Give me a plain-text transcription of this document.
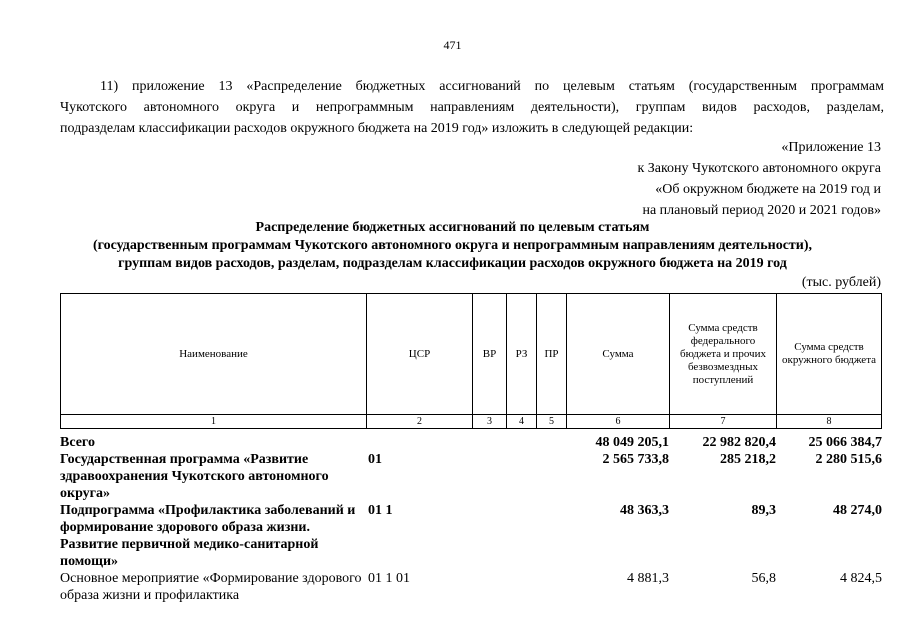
471
11) приложение 13 «Распределение бюджетных ассигнований по целевым статьям (государственным программам
Чукотского автономного округа и непрограммным направлениям деятельности), группам видов расходов, разделам,
подразделам классификации расходов окружного бюджета на 2019 год» изложить в следующей редакции:
«Приложение 13
к Закону Чукотского автономного округа
«Об окружном бюджете на 2019 год и
на плановый период 2020 и 2021 годов»
Распределение бюджетных ассигнований по целевым статьям
(государственным программам Чукотского автономного округа и непрограммным направлениям деятельности),
группам видов расходов, разделам, подразделам классификации расходов окружного бюджета на 2019 год
(тыс. рублей)
Наименование	ЦСР	ВР	РЗ	ПР	Сумма	Сумма средств федерального бюджета и прочих безвозмездных поступлений	Сумма средств окружного бюджета
1	2	3	4	5	6	7	8
Всего					48 049 205,1	22 982 820,4	25 066 384,7
Государственная программа «Развитие здравоохранения Чукотского автономного округа»	01				2 565 733,8	285 218,2	2 280 515,6
Подпрограмма «Профилактика заболеваний и формирование здорового образа жизни. Развитие первичной медико-санитарной помощи»	01 1				48 363,3	89,3	48 274,0
Основное мероприятие «Формирование здорового образа жизни и профилактика	01 1 01				4 881,3	56,8	4 824,5
